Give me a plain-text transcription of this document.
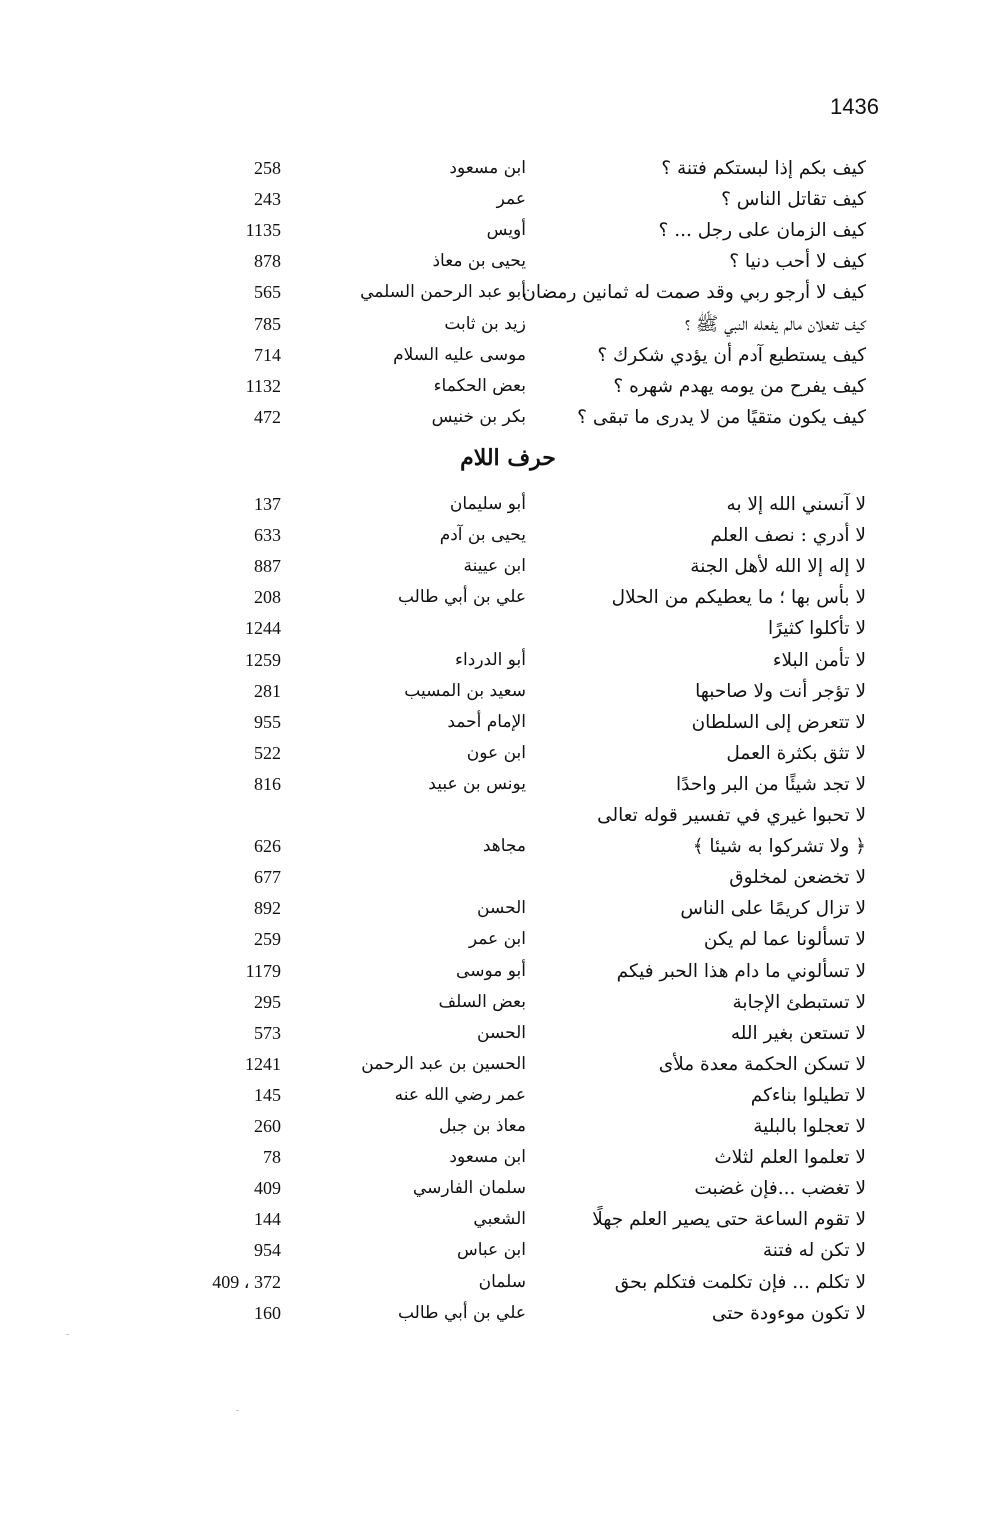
1436
كيف بكم إذا لبستكم فتنة ؟
ابن مسعود
258
كيف تقاتل الناس ؟
عمر
243
كيف الزمان على رجل ... ؟
أويس
1135
كيف لا أحب دنيا ؟
يحيى بن معاذ
878
كيف لا أرجو ربي وقد صمت له ثمانين رمضان
أبو عبد الرحمن السلمي
565
كيف تفعلان مالم يفعله النبي ﷺ ؟
زيد بن ثابت
785
كيف يستطيع آدم أن يؤدي شكرك ؟
موسى عليه السلام
714
كيف يفرح من يومه يهدم شهره ؟
بعض الحكماء
1132
كيف يكون متقيًا من لا يدرى ما تبقى ؟
بكر بن خنيس
472
لا آنسني الله إلا به
أبو سليمان
137
لا أدري : نصف العلم
يحيى بن آدم
633
لا إله إلا الله لأهل الجنة
ابن عيينة
887
لا بأس بها ؛ ما يعطيكم من الحلال
علي بن أبي طالب
208
لا تأكلوا كثيرًا
1244
لا تأمن البلاء
أبو الدرداء
1259
لا تؤجر أنت ولا صاحبها
سعيد بن المسيب
281
لا تتعرض إلى السلطان
الإمام أحمد
955
لا تثق بكثرة العمل
ابن عون
522
لا تجد شيئًا من البر واحدًا
يونس بن عبيد
816
لا تحبوا غيري في تفسير قوله تعالى
﴿ ولا تشركوا به شيئا ﴾
مجاهد
626
لا تخضعن لمخلوق
677
لا تزال كريمًا على الناس
الحسن
892
لا تسألونا عما لم يكن
ابن عمر
259
لا تسألوني ما دام هذا الحبر فيكم
أبو موسى
1179
لا تستبطئ الإجابة
بعض السلف
295
لا تستعن بغير الله
الحسن
573
لا تسكن الحكمة معدة ملأى
الحسين بن عبد الرحمن
1241
لا تطيلوا بناءكم
عمر رضي الله عنه
145
لا تعجلوا بالبلية
معاذ بن جبل
260
لا تعلموا العلم لثلاث
ابن مسعود
78
لا تغضب ...فإن غضبت
سلمان الفارسي
409
لا تقوم الساعة حتى يصير العلم جهلًا
الشعبي
144
لا تكن له فتنة
ابن عباس
954
لا تكلم ... فإن تكلمت فتكلم بحق
سلمان
409 ، 372
لا تكون موءودة حتى
علي بن أبي طالب
160
حرف اللام
